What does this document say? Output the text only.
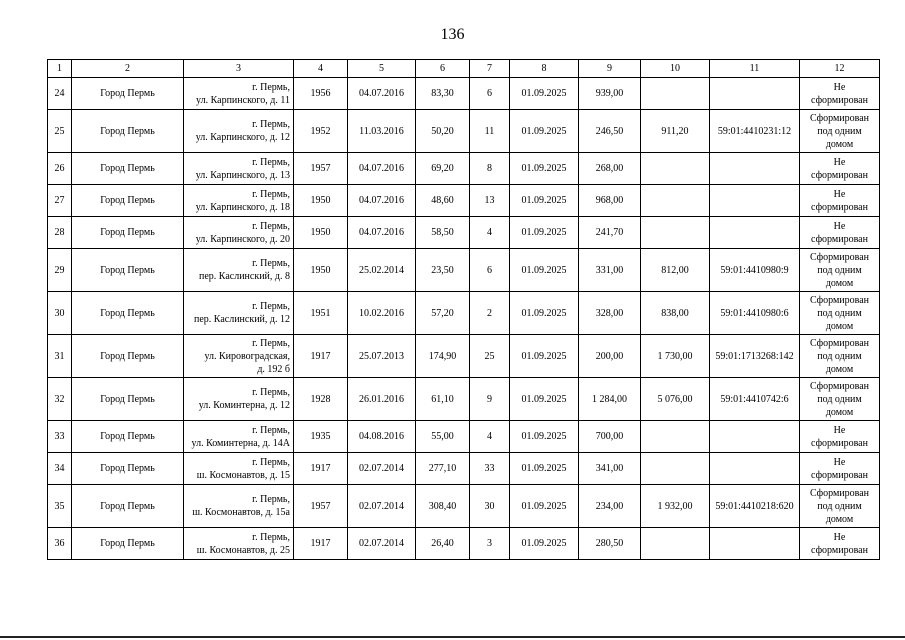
136
1	2	3	4	5	6	7	8	9	10	11	12
24	Город Пермь	г. Пермь,
ул. Карпинского, д. 11	1956	04.07.2016	83,30	6	01.09.2025	939,00			Не
сформирован
25	Город Пермь	г. Пермь,
ул. Карпинского, д. 12	1952	11.03.2016	50,20	11	01.09.2025	246,50	911,20	59:01:4410231:12	Сформирован
под одним
домом
26	Город Пермь	г. Пермь,
ул. Карпинского, д. 13	1957	04.07.2016	69,20	8	01.09.2025	268,00			Не
сформирован
27	Город Пермь	г. Пермь,
ул. Карпинского, д. 18	1950	04.07.2016	48,60	13	01.09.2025	968,00			Не
сформирован
28	Город Пермь	г. Пермь,
ул. Карпинского, д. 20	1950	04.07.2016	58,50	4	01.09.2025	241,70			Не
сформирован
29	Город Пермь	г. Пермь,
пер. Каслинский, д. 8	1950	25.02.2014	23,50	6	01.09.2025	331,00	812,00	59:01:4410980:9	Сформирован
под одним
домом
30	Город Пермь	г. Пермь,
пер. Каслинский, д. 12	1951	10.02.2016	57,20	2	01.09.2025	328,00	838,00	59:01:4410980:6	Сформирован
под одним
домом
31	Город Пермь	г. Пермь,
ул. Кировоградская,
д. 192 б	1917	25.07.2013	174,90	25	01.09.2025	200,00	1 730,00	59:01:1713268:142	Сформирован
под одним
домом
32	Город Пермь	г. Пермь,
ул. Коминтерна, д. 12	1928	26.01.2016	61,10	9	01.09.2025	1 284,00	5 076,00	59:01:4410742:6	Сформирован
под одним
домом
33	Город Пермь	г. Пермь,
ул. Коминтерна, д. 14А	1935	04.08.2016	55,00	4	01.09.2025	700,00			Не
сформирован
34	Город Пермь	г. Пермь,
ш. Космонавтов, д. 15	1917	02.07.2014	277,10	33	01.09.2025	341,00			Не
сформирован
35	Город Пермь	г. Пермь,
ш. Космонавтов, д. 15а	1957	02.07.2014	308,40	30	01.09.2025	234,00	1 932,00	59:01:4410218:620	Сформирован
под одним
домом
36	Город Пермь	г. Пермь,
ш. Космонавтов, д. 25	1917	02.07.2014	26,40	3	01.09.2025	280,50			Не
сформирован
